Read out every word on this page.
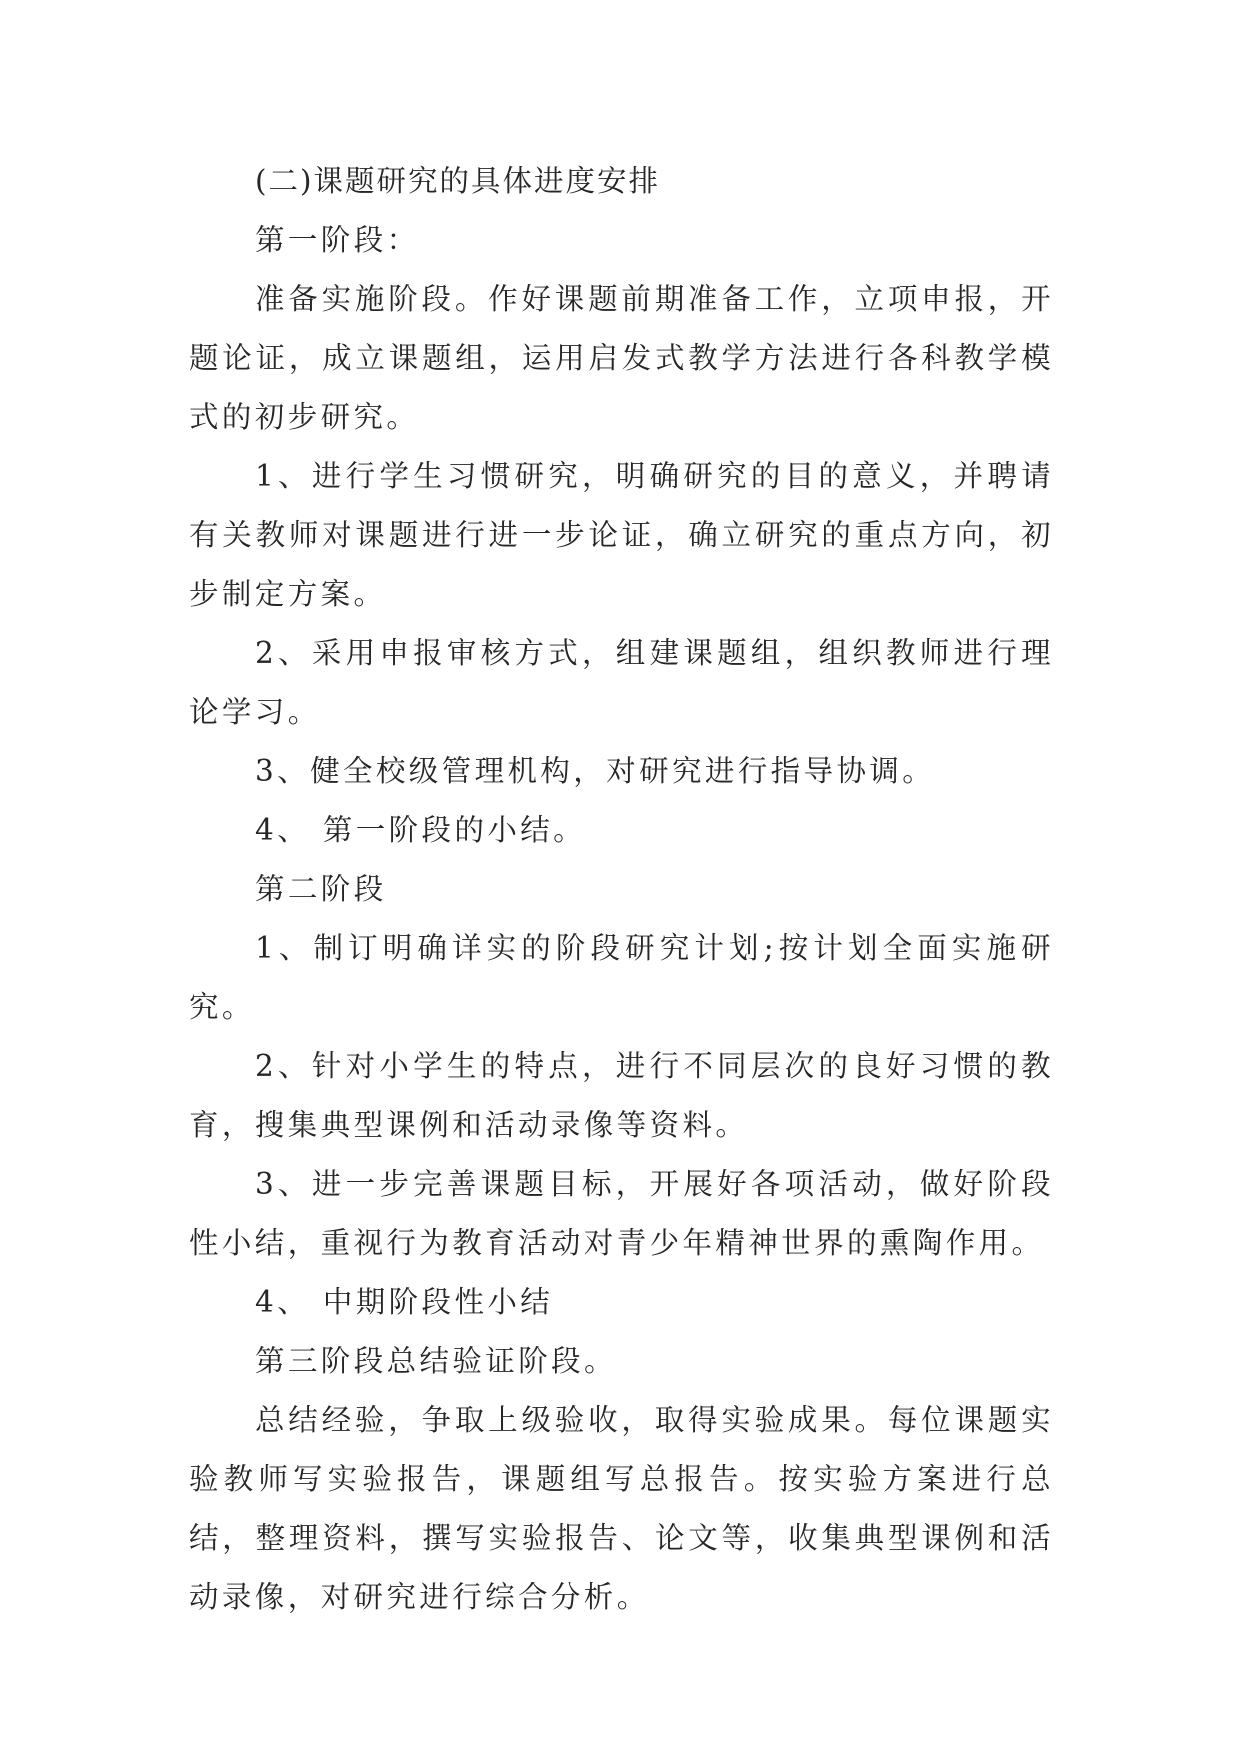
(二)课题研究的具体进度安排

第一阶段：

准备实施阶段。作好课题前期准备工作，立项申报，开题论证，成立课题组，运用启发式教学方法进行各科教学模式的初步研究。

1、进行学生习惯研究，明确研究的目的意义，并聘请有关教师对课题进行进一步论证，确立研究的重点方向，初步制定方案。

2、采用申报审核方式，组建课题组，组织教师进行理论学习。

3、健全校级管理机构，对研究进行指导协调。

4、 第一阶段的小结。

第二阶段

1、制订明确详实的阶段研究计划;按计划全面实施研究。

2、针对小学生的特点，进行不同层次的良好习惯的教育，搜集典型课例和活动录像等资料。

3、进一步完善课题目标，开展好各项活动，做好阶段性小结，重视行为教育活动对青少年精神世界的熏陶作用。

4、 中期阶段性小结

第三阶段总结验证阶段。

总结经验，争取上级验收，取得实验成果。每位课题实验教师写实验报告，课题组写总报告。按实验方案进行总结，整理资料，撰写实验报告、论文等，收集典型课例和活动录像，对研究进行综合分析。
